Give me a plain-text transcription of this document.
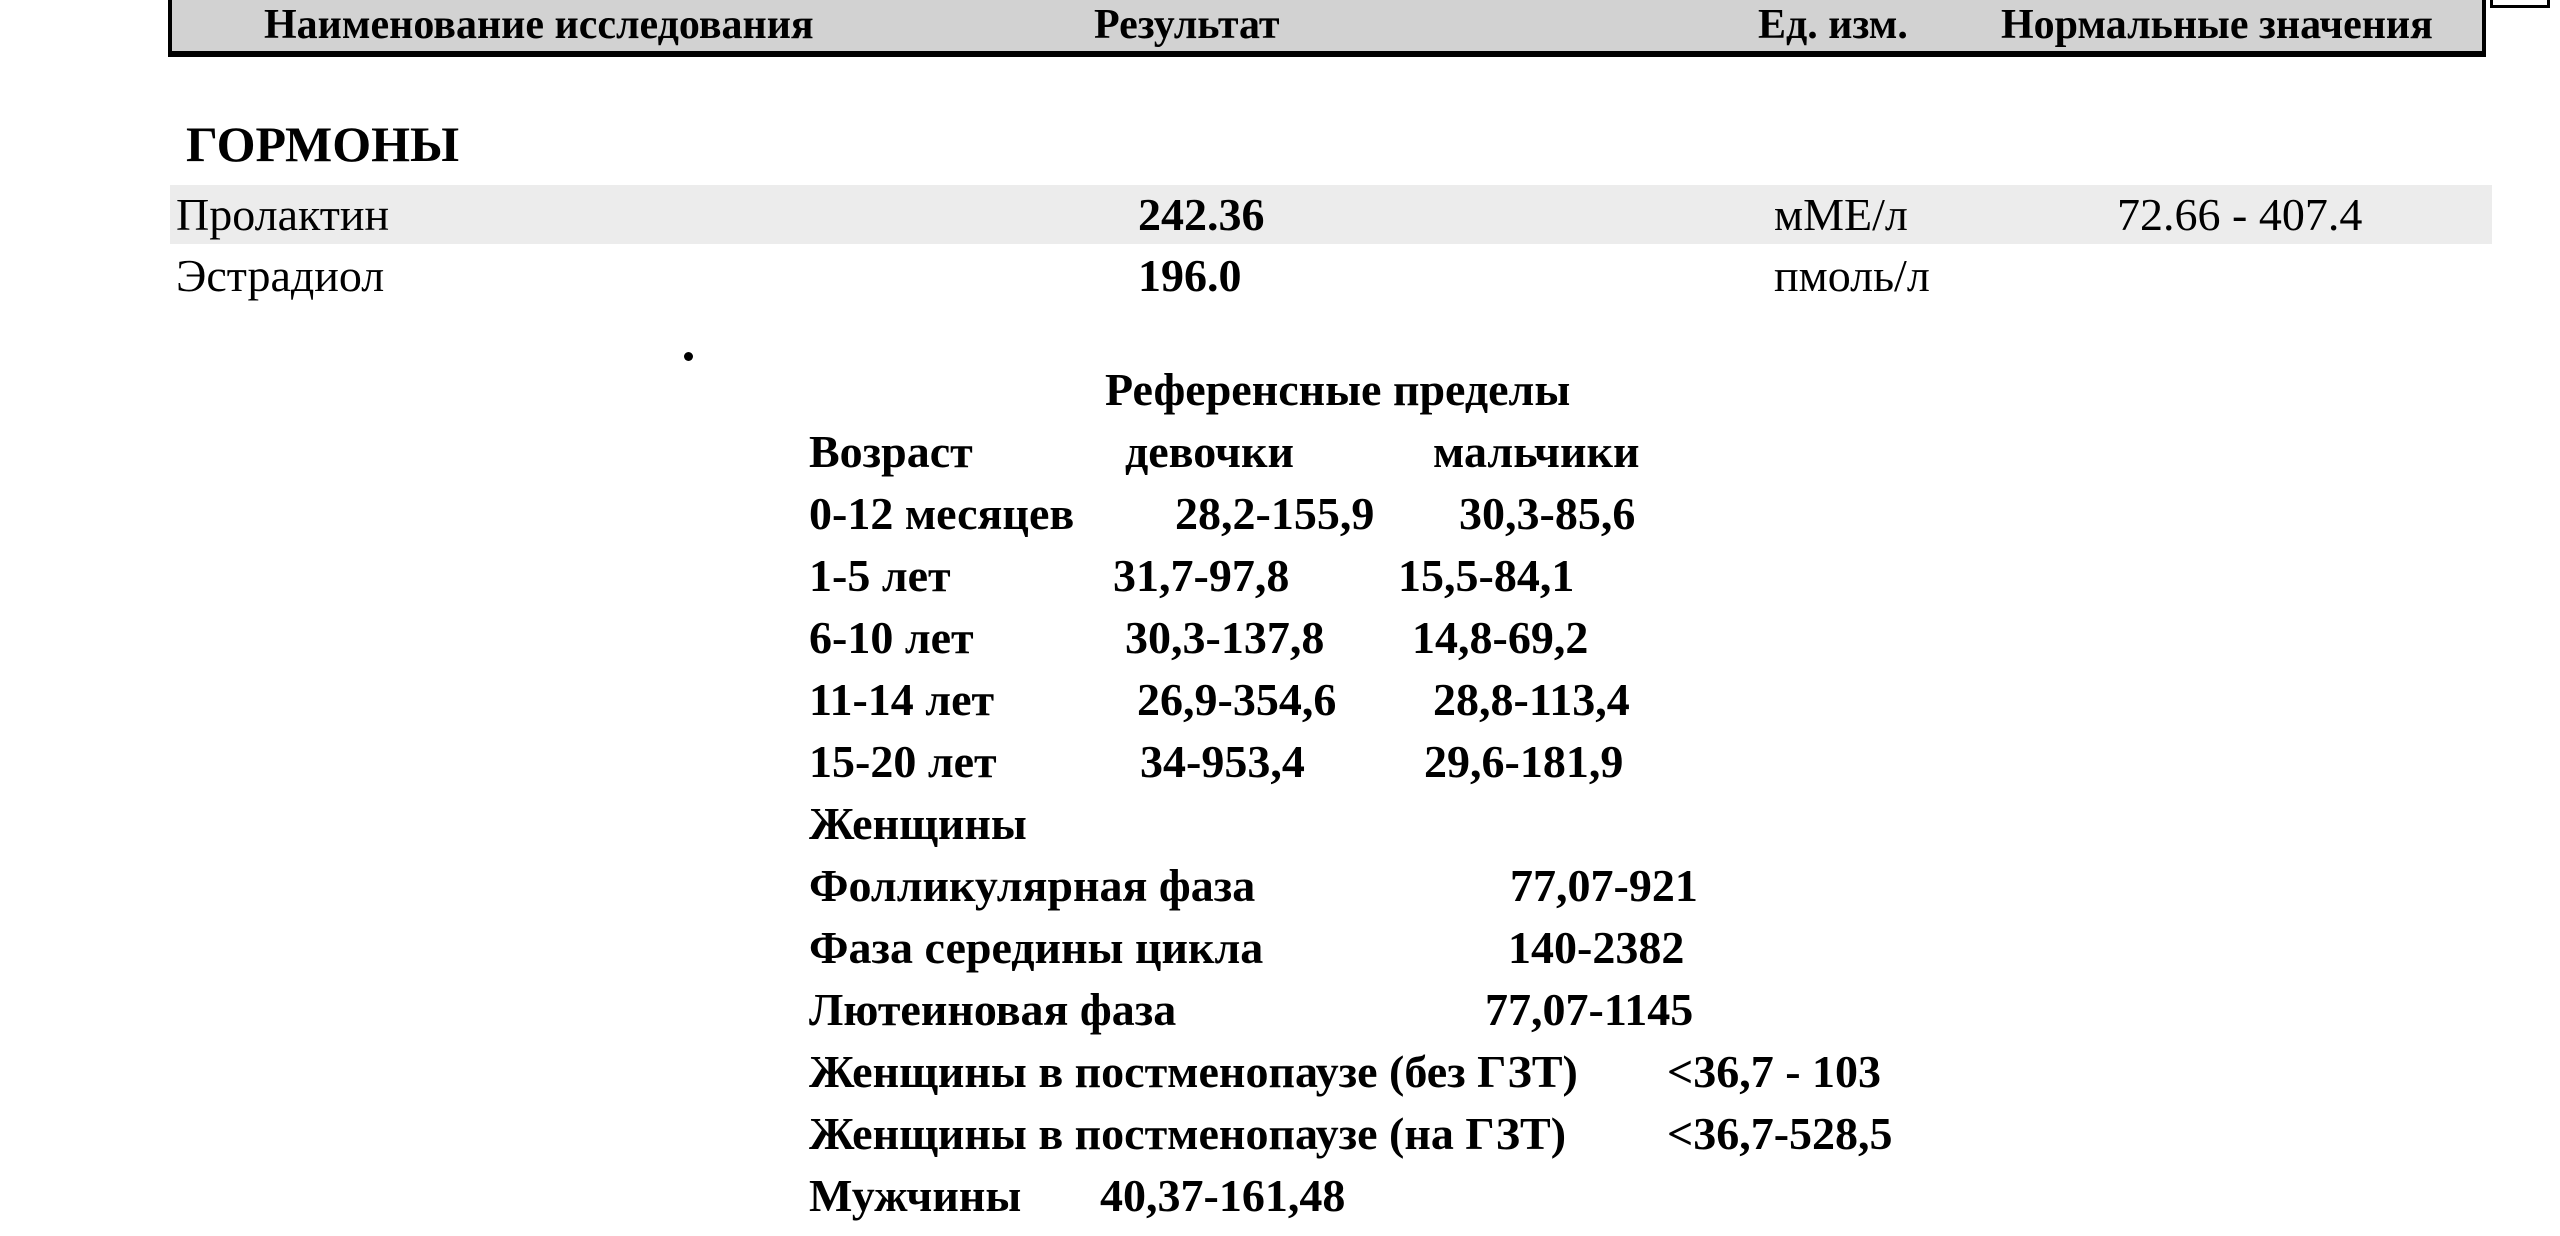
Наименование исследования	Результат	Ед. изм. Нормальные значения
ГОРМОНЫ
Пролактин	242.36	мМЕ/л	72.66 - 407.4
Эстрадиол	196.0	пмоль/л
Референсные пределы
Возраст	девочки	мальчики
0-12 месяцев 28,2-155,9 30,3-85,6
1-5 лет	31,7-97,8 15,5-84,1
6-10 лет	30,3-137,8 14,8-69,2
11-14 лет	26,9-354,6 28,8-113,4
15-20 лет	34-953,4	29,6-181,9
Женщины
Фолликулярная фаза	77,07-921
Фаза середины цикла	140-2382
Лютеиновая фаза	77,07-1145
Женщины в постменопаузе (без ГЗТ) <36,7 - 103
Женщины в постменопаузе (на ГЗТ) <36,7-528,5
Мужчины 40,37-161,48
